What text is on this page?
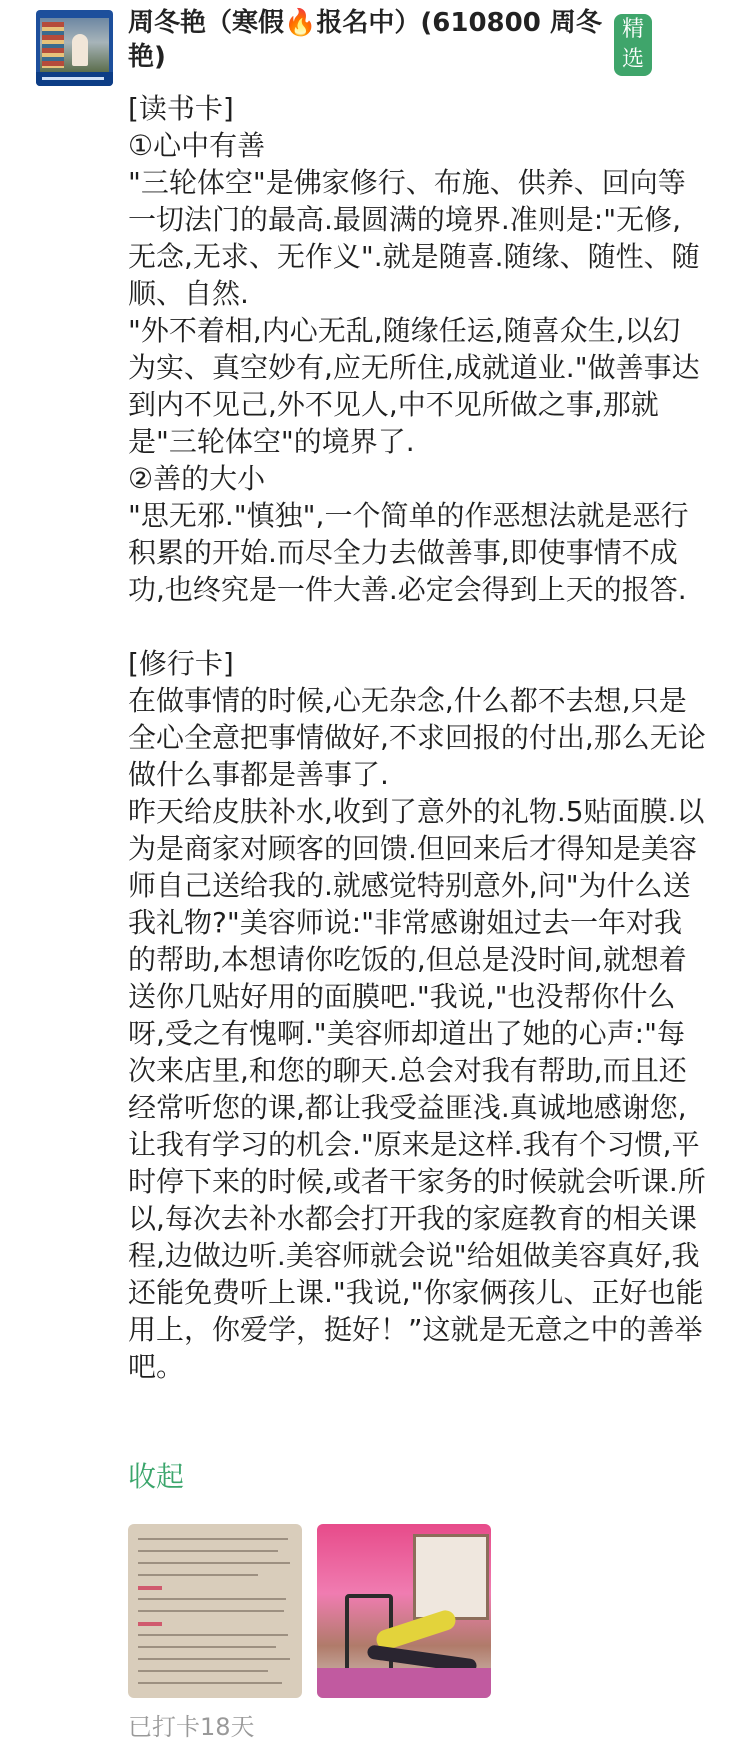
周冬艳（寒假🔥报名中）(610800 周冬艳)
精选

[读书卡]

①心中有善

"三轮体空"是佛家修行、布施、供养、回向等一切法门的最高.最圆满的境界.准则是:"无修,无念,无求、无作义".就是随喜.随缘、随性、随顺、自然.

"外不着相,内心无乱,随缘任运,随喜众生,以幻为实、真空妙有,应无所住,成就道业."做善事达到内不见己,外不见人,中不见所做之事,那就是"三轮体空"的境界了.

②善的大小

"思无邪."慎独",一个简单的作恶想法就是恶行积累的开始.而尽全力去做善事,即使事情不成功,也终究是一件大善.必定会得到上天的报答.

[修行卡]

在做事情的时候,心无杂念,什么都不去想,只是全心全意把事情做好,不求回报的付出,那么无论做什么事都是善事了.

昨天给皮肤补水,收到了意外的礼物.5贴面膜.以为是商家对顾客的回馈.但回来后才得知是美容师自己送给我的.就感觉特别意外,问"为什么送我礼物?"美容师说:"非常感谢姐过去一年对我的帮助,本想请你吃饭的,但总是没时间,就想着送你几贴好用的面膜吧."我说,"也没帮你什么呀,受之有愧啊."美容师却道出了她的心声:"每次来店里,和您的聊天.总会对我有帮助,而且还经常听您的课,都让我受益匪浅.真诚地感谢您,让我有学习的机会."原来是这样.我有个习惯,平时停下来的时候,或者干家务的时候就会听课.所以,每次去补水都会打开我的家庭教育的相关课程,边做边听.美容师就会说"给姐做美容真好,我还能免费听上课."我说,"你家俩孩儿、正好也能用上，你爱学，挺好！”这就是无意之中的善举吧。

收起
已打卡18天
